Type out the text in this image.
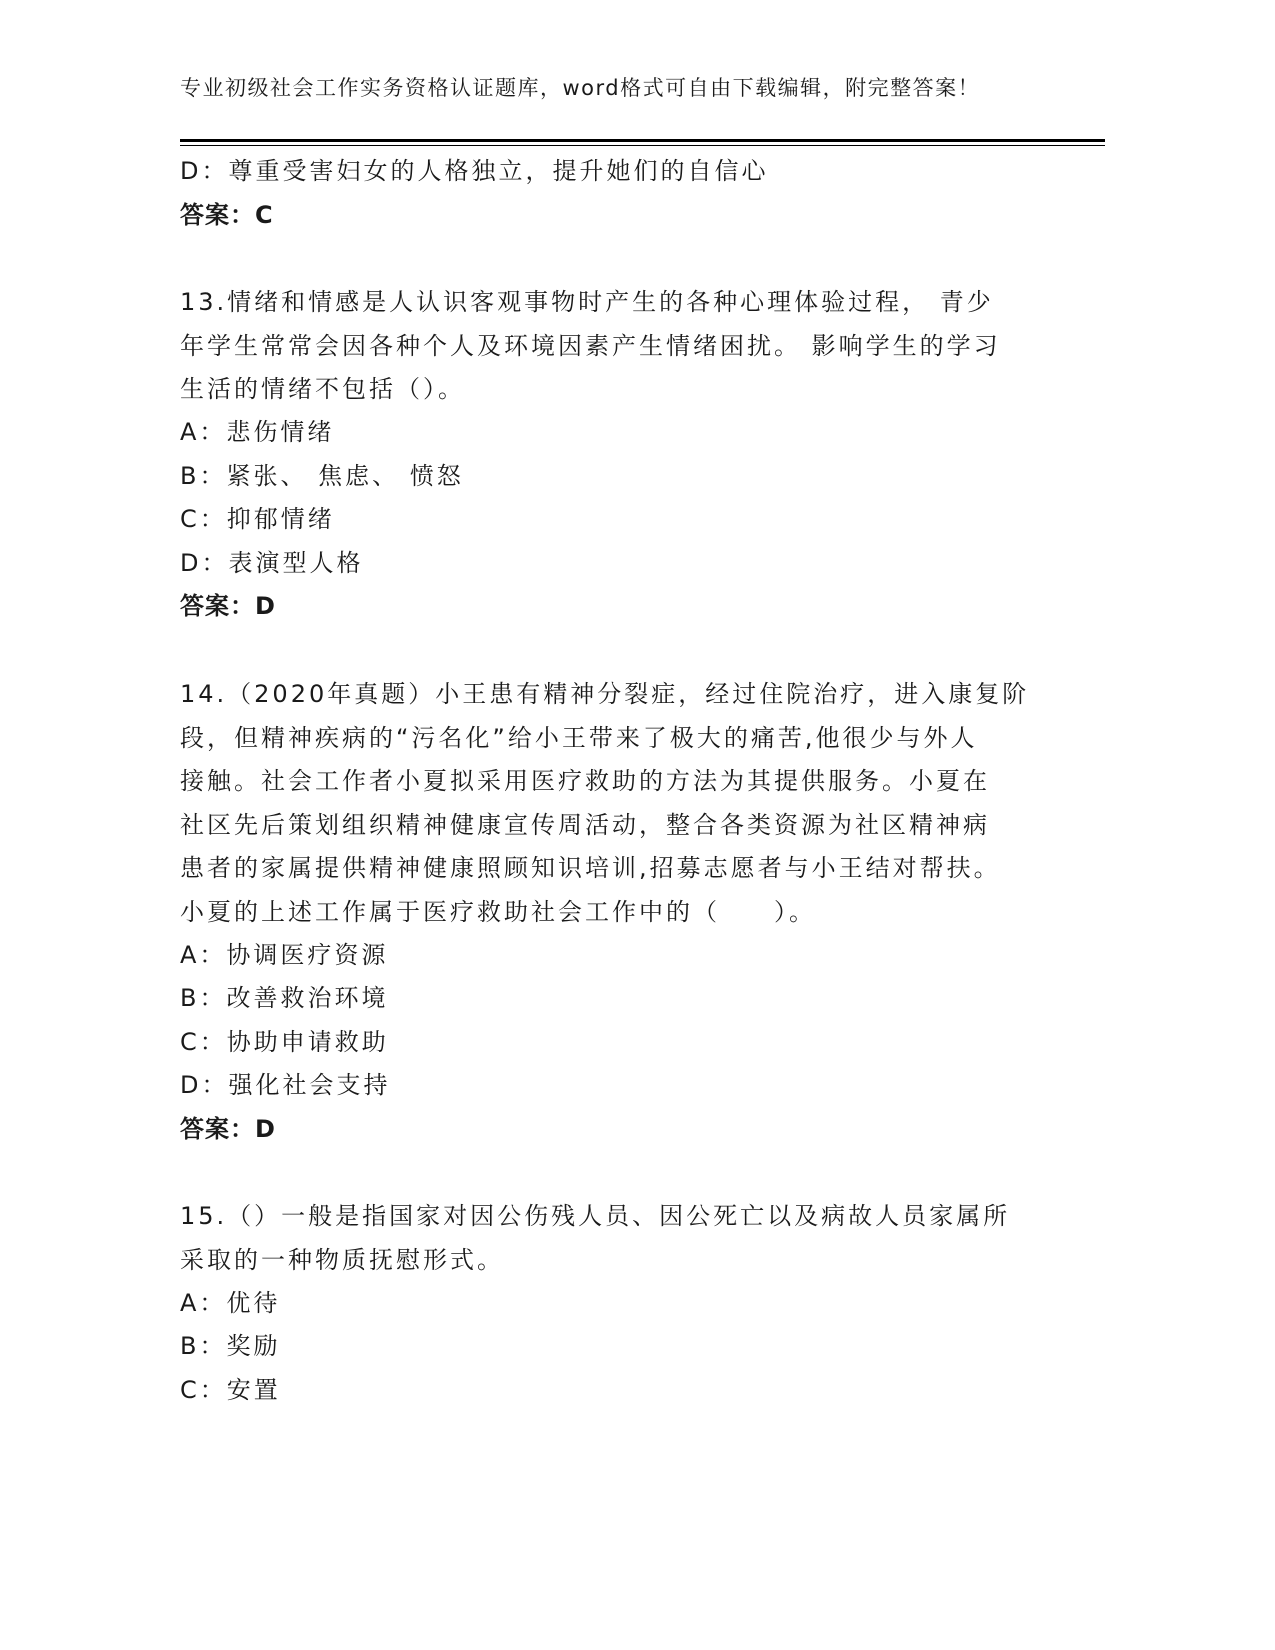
专业初级社会工作实务资格认证题库，word格式可自由下载编辑，附完整答案！
D：尊重受害妇女的人格独立，提升她们的自信心
答案：C
13.情绪和情感是人认识客观事物时产生的各种心理体验过程， 青少
年学生常常会因各种个人及环境因素产生情绪困扰。 影响学生的学习
生活的情绪不包括（）。
A：悲伤情绪
B：紧张、 焦虑、 愤怒
C：抑郁情绪
D：表演型人格
答案：D
14.（2020年真题）小王患有精神分裂症，经过住院治疗，进入康复阶
段，但精神疾病的“污名化”给小王带来了极大的痛苦,他很少与外人
接触。社会工作者小夏拟采用医疗救助的方法为其提供服务。小夏在
社区先后策划组织精神健康宣传周活动，整合各类资源为社区精神病
患者的家属提供精神健康照顾知识培训,招募志愿者与小王结对帮扶。
小夏的上述工作属于医疗救助社会工作中的（　　）。
A：协调医疗资源
B：改善救治环境
C：协助申请救助
D：强化社会支持
答案：D
15.（）一般是指国家对因公伤残人员、因公死亡以及病故人员家属所
采取的一种物质抚慰形式。
A：优待
B：奖励
C：安置
